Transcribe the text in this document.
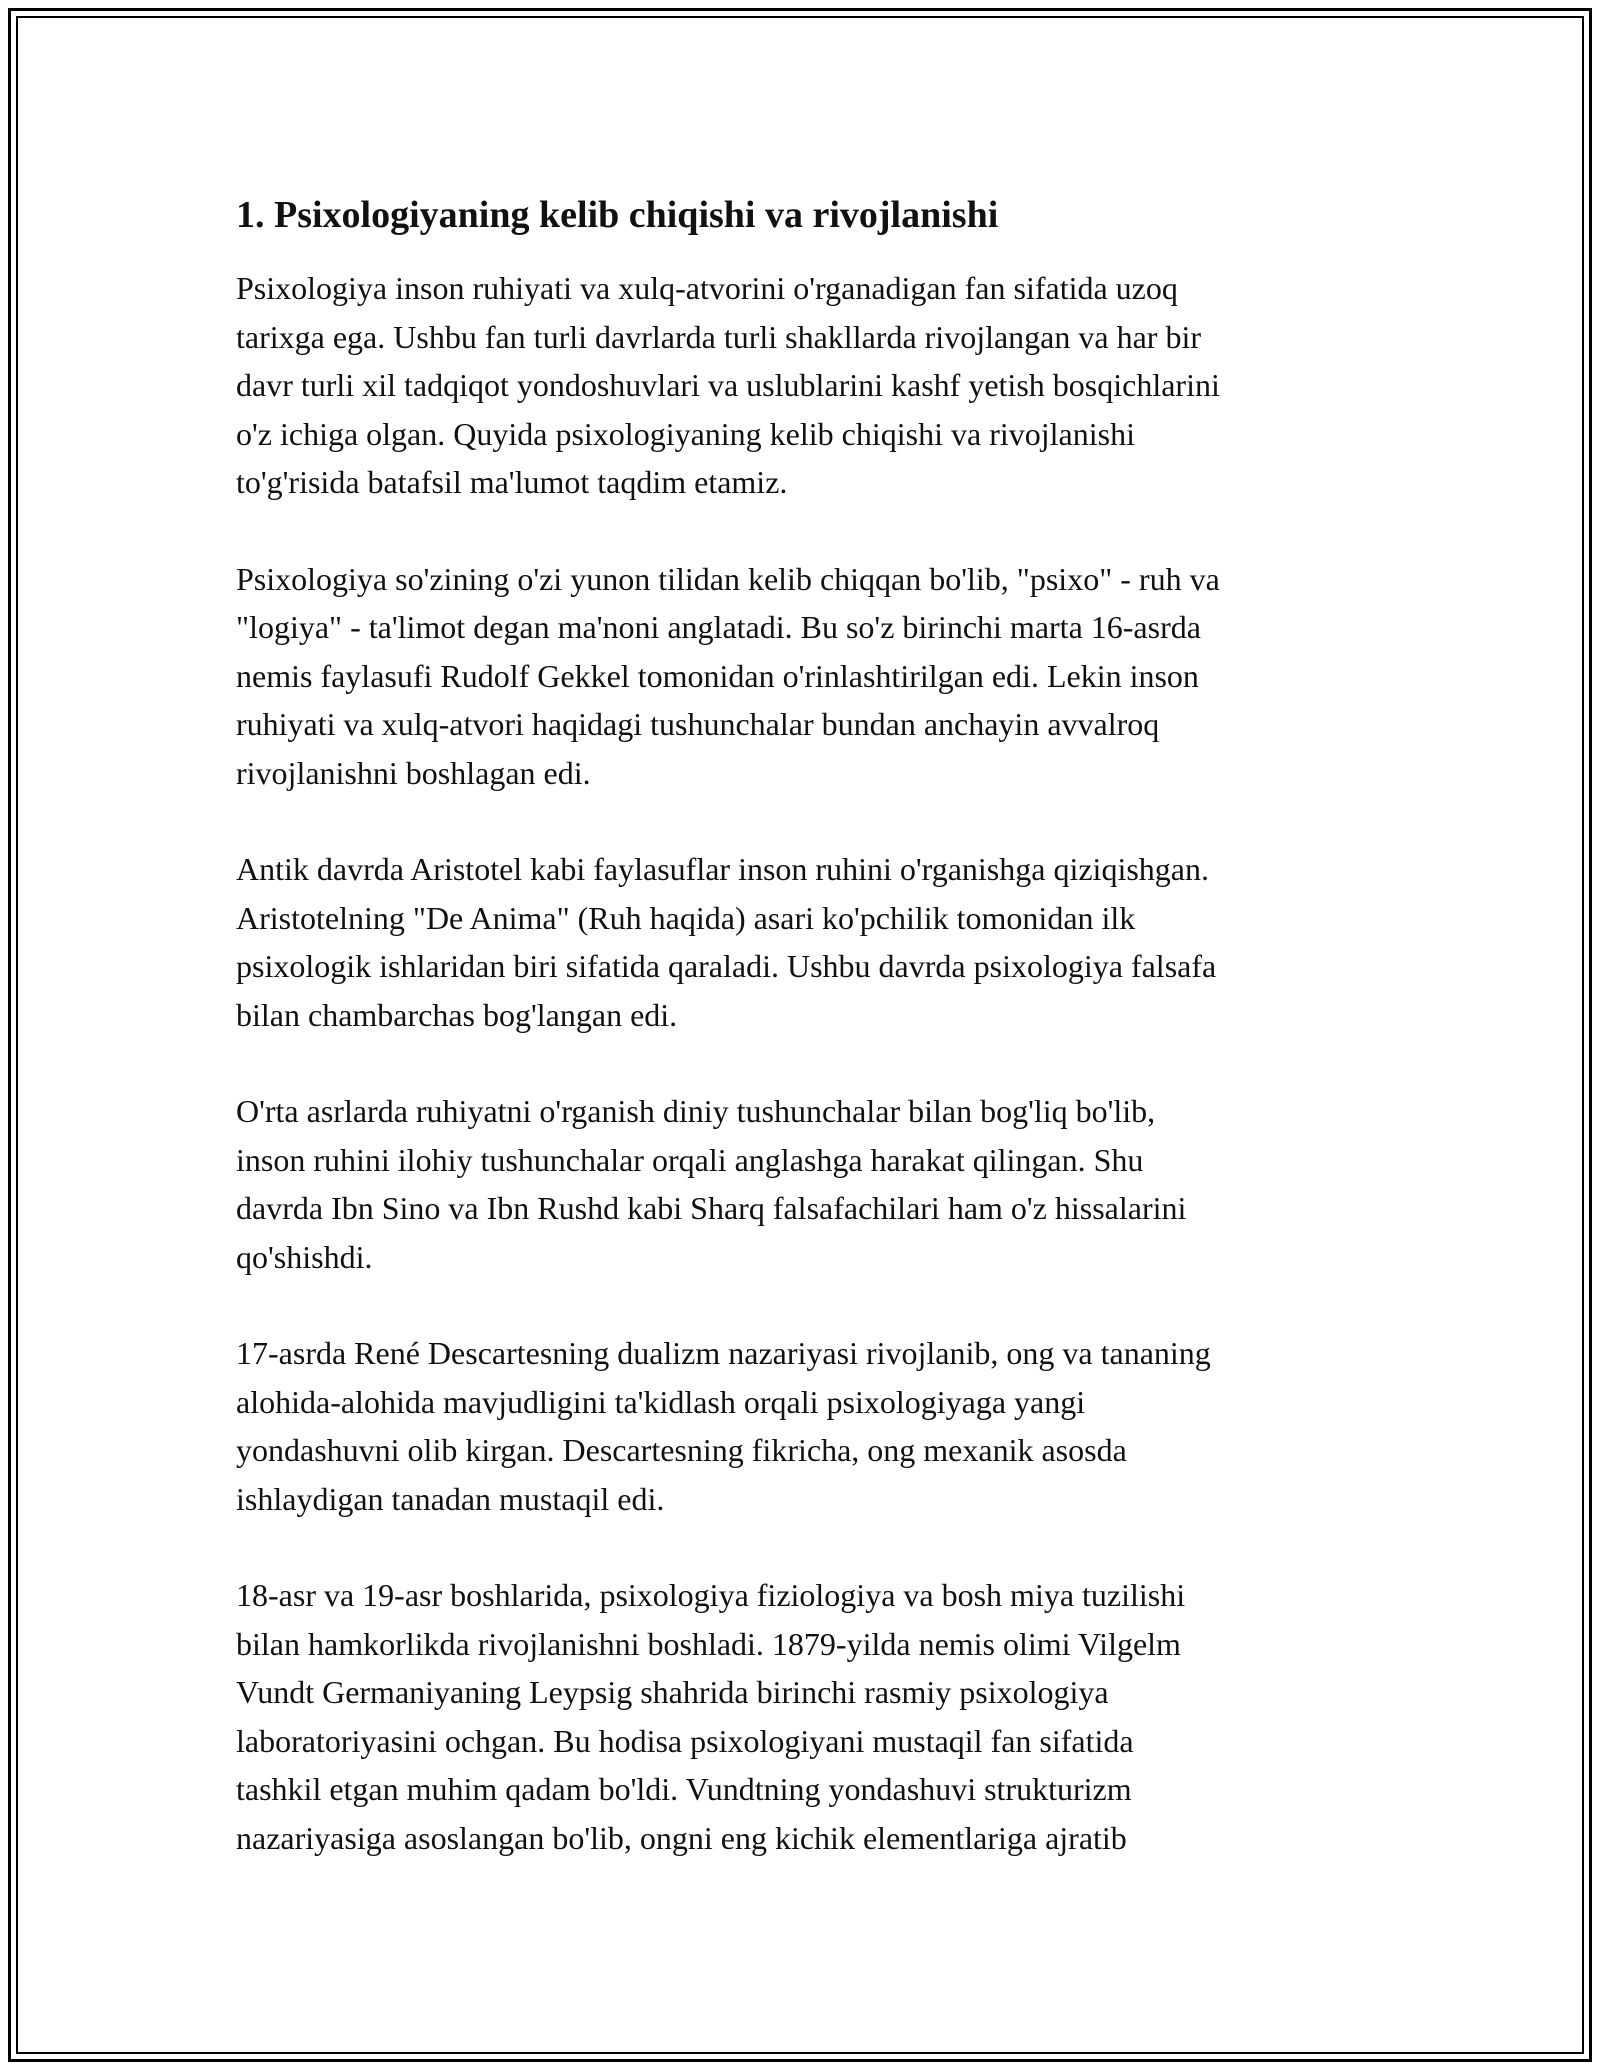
1. Psixologiyaning kelib chiqishi va rivojlanishi

Psixologiya inson ruhiyati va xulq-atvorini o'rganadigan fan sifatida uzoq
tarixga ega. Ushbu fan turli davrlarda turli shakllarda rivojlangan va har bir
davr turli xil tadqiqot yondoshuvlari va uslublarini kashf yetish bosqichlarini
o'z ichiga olgan. Quyida psixologiyaning kelib chiqishi va rivojlanishi
to'g'risida batafsil ma'lumot taqdim etamiz.

Psixologiya so'zining o'zi yunon tilidan kelib chiqqan bo'lib, "psixo" - ruh va
"logiya" - ta'limot degan ma'noni anglatadi. Bu so'z birinchi marta 16-asrda
nemis faylasufi Rudolf Gekkel tomonidan o'rinlashtirilgan edi. Lekin inson
ruhiyati va xulq-atvori haqidagi tushunchalar bundan anchayin avvalroq
rivojlanishni boshlagan edi.

Antik davrda Aristotel kabi faylasuflar inson ruhini o'rganishga qiziqishgan.
Aristotelning "De Anima" (Ruh haqida) asari ko'pchilik tomonidan ilk
psixologik ishlaridan biri sifatida qaraladi. Ushbu davrda psixologiya falsafa
bilan chambarchas bog'langan edi.

O'rta asrlarda ruhiyatni o'rganish diniy tushunchalar bilan bog'liq bo'lib,
inson ruhini ilohiy tushunchalar orqali anglashga harakat qilingan. Shu
davrda Ibn Sino va Ibn Rushd kabi Sharq falsafachilari ham o'z hissalarini
qo'shishdi.

17-asrda René Descartesning dualizm nazariyasi rivojlanib, ong va tananing
alohida-alohida mavjudligini ta'kidlash orqali psixologiyaga yangi
yondashuvni olib kirgan. Descartesning fikricha, ong mexanik asosda
ishlaydigan tanadan mustaqil edi.

18-asr va 19-asr boshlarida, psixologiya fiziologiya va bosh miya tuzilishi
bilan hamkorlikda rivojlanishni boshladi. 1879-yilda nemis olimi Vilgelm
Vundt Germaniyaning Leypsig shahrida birinchi rasmiy psixologiya
laboratoriyasini ochgan. Bu hodisa psixologiyani mustaqil fan sifatida
tashkil etgan muhim qadam bo'ldi. Vundtning yondashuvi strukturizm
nazariyasiga asoslangan bo'lib, ongni eng kichik elementlariga ajratib
